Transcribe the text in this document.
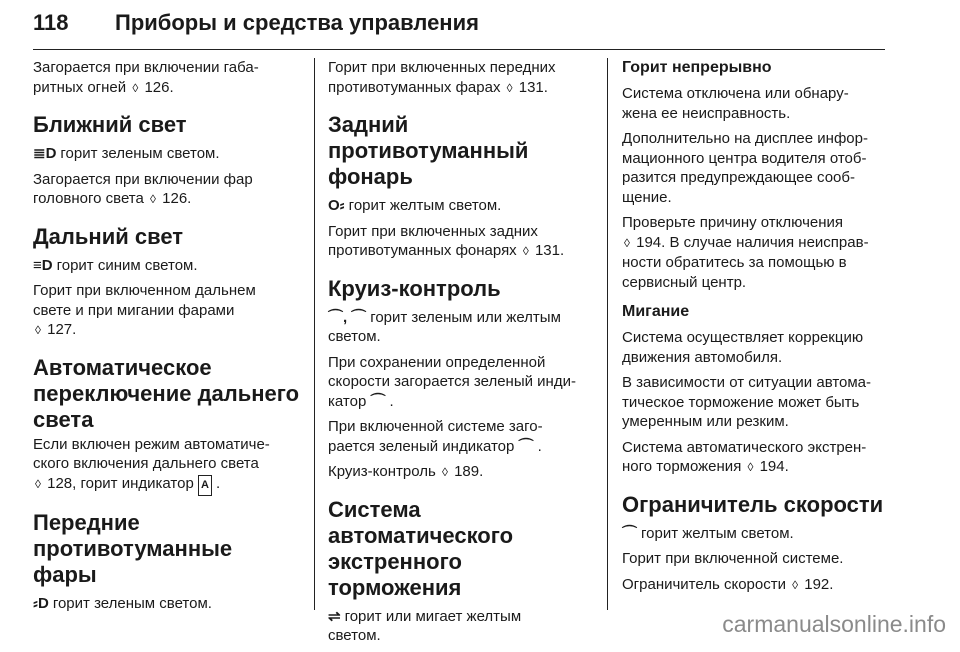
118 Приборы и средства управления

Загорается при включении габа-
ритных огней ◊ 126.

Ближний свет

≣D горит зеленым светом.

Загорается при включении фар
головного света ◊ 126.

Дальний свет

≡D горит синим светом.

Горит при включенном дальнем
свете и при мигании фарами
◊ 127.

Автоматическое
переключение дальнего
света

Если включен режим автоматиче-
ского включения дальнего света
◊ 128, горит индикатор A .

Передние
противотуманные фары

⸗D горит зеленым светом.

Горит при включенных передних
противотуманных фарах ◊ 131.

Задний противотуманный
фонарь

O⸗ горит желтым светом.

Горит при включенных задних
противотуманных фонарях ◊ 131.

Круиз-контроль

⌒, ⌒ горит зеленым или желтым
светом.

При сохранении определенной
скорости загорается зеленый инди-
катор ⌒ .

При включенной системе заго-
рается зеленый индикатор ⌒ .

Круиз-контроль ◊ 189.

Система автоматического
экстренного торможения

⇌ горит или мигает желтым
светом.

Горит непрерывно

Система отключена или обнару-
жена ее неисправность.

Дополнительно на дисплее инфор-
мационного центра водителя отоб-
разится предупреждающее сооб-
щение.

Проверьте причину отключения
◊ 194. В случае наличия неисправ-
ности обратитесь за помощью в
сервисный центр.

Мигание

Система осуществляет коррекцию
движения автомобиля.

В зависимости от ситуации автома-
тическое торможение может быть
умеренным или резким.

Система автоматического экстрен-
ного торможения ◊ 194.

Ограничитель скорости

⌒ горит желтым светом.

Горит при включенной системе.

Ограничитель скорости ◊ 192.

carmanualsonline.info
